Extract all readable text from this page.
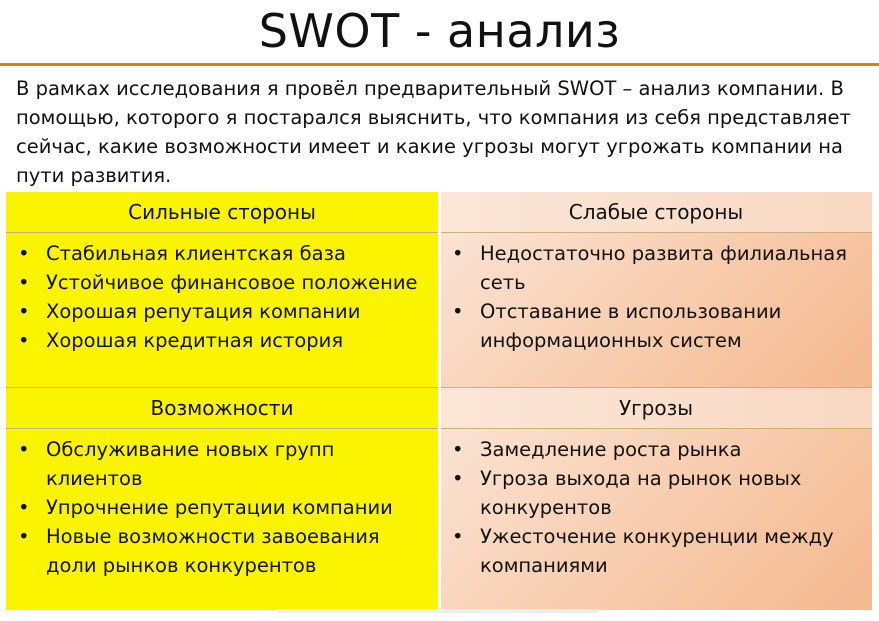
SWOT - анализ
В рамках исследования я провёл предварительный SWOT – анализ компании. В помощью, которого я постарался выяснить, что компания из себя представляет сейчас, какие возможности имеет и какие угрозы могут угрожать компании на пути развития.
Сильные стороны	Слабые стороны
• Стабильная клиентская база
• Устойчивое финансовое положение
• Хорошая репутация компании
• Хорошая кредитная история
• Недостаточно развита филиальная сеть
• Отставание в использовании информационных систем
Возможности	Угрозы
• Обслуживание новых групп клиентов
• Упрочнение репутации компании
• Новые возможности завоевания доли рынков конкурентов
• Замедление роста рынка
• Угроза выхода на рынок новых конкурентов
• Ужесточение конкуренции между компаниями
